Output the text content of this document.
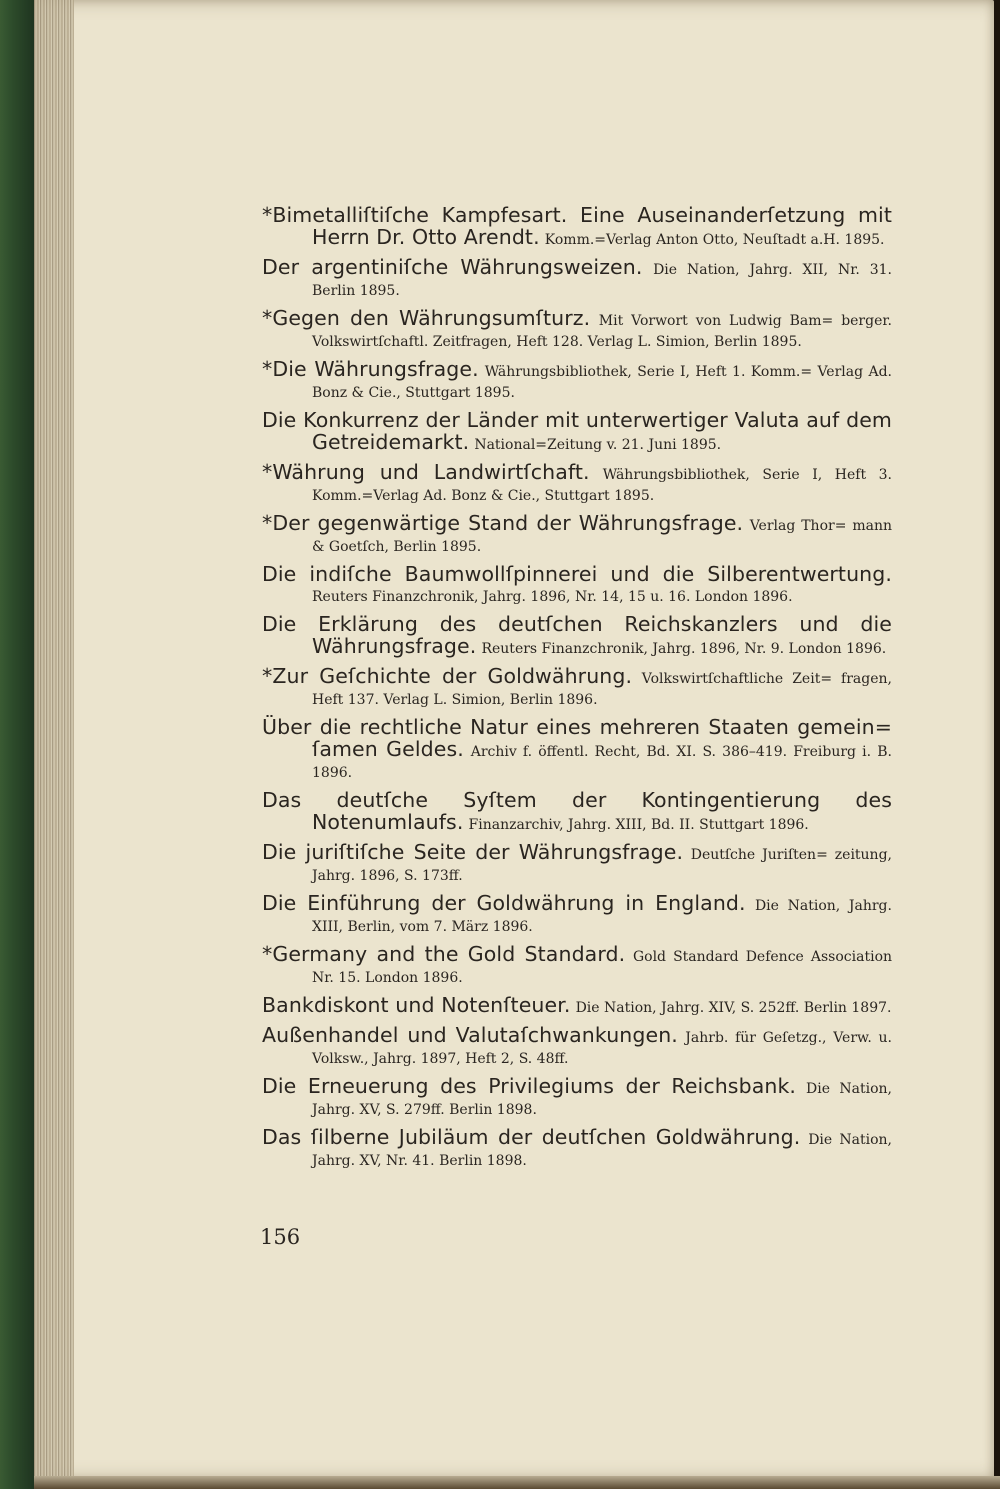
*Bimetalliſtiſche Kampfesart. Eine Auseinanderſetzung mit Herrn Dr. Otto Arendt. Komm.=Verlag Anton Otto, Neuſtadt a.H. 1895.

Der argentiniſche Währungsweizen. Die Nation, Jahrg. XII, Nr. 31. Berlin 1895.

*Gegen den Währungsumſturz. Mit Vorwort von Ludwig Bam= berger. Volkswirtſchaftl. Zeitfragen, Heft 128. Verlag L. Simion, Berlin 1895.

*Die Währungsfrage. Währungsbibliothek, Serie I, Heft 1. Komm.= Verlag Ad. Bonz & Cie., Stuttgart 1895.

Die Konkurrenz der Länder mit unterwertiger Valuta auf dem Getreidemarkt. National=Zeitung v. 21. Juni 1895.

*Währung und Landwirtſchaft. Währungsbibliothek, Serie I, Heft 3. Komm.=Verlag Ad. Bonz & Cie., Stuttgart 1895.

*Der gegenwärtige Stand der Währungsfrage. Verlag Thor= mann & Goetſch, Berlin 1895.

Die indiſche Baumwollſpinnerei und die Silberentwertung. Reuters Finanzchronik, Jahrg. 1896, Nr. 14, 15 u. 16. London 1896.

Die Erklärung des deutſchen Reichskanzlers und die Währungsfrage. Reuters Finanzchronik, Jahrg. 1896, Nr. 9. London 1896.

*Zur Geſchichte der Goldwährung. Volkswirtſchaftliche Zeit= fragen, Heft 137. Verlag L. Simion, Berlin 1896.

Über die rechtliche Natur eines mehreren Staaten gemein= ſamen Geldes. Archiv f. öffentl. Recht, Bd. XI. S. 386–419. Freiburg i. B. 1896.

Das deutſche Syſtem der Kontingentierung des Notenumlaufs. Finanzarchiv, Jahrg. XIII, Bd. II. Stuttgart 1896.

Die juriſtiſche Seite der Währungsfrage. Deutſche Juriſten= zeitung, Jahrg. 1896, S. 173ff.

Die Einführung der Goldwährung in England. Die Nation, Jahrg. XIII, Berlin, vom 7. März 1896.

*Germany and the Gold Standard. Gold Standard Defence Association Nr. 15. London 1896.

Bankdiskont und Notenſteuer. Die Nation, Jahrg. XIV, S. 252ff. Berlin 1897.

Außenhandel und Valutaſchwankungen. Jahrb. für Geſetzg., Verw. u. Volksw., Jahrg. 1897, Heft 2, S. 48ff.

Die Erneuerung des Privilegiums der Reichsbank. Die Nation, Jahrg. XV, S. 279ff. Berlin 1898.

Das ſilberne Jubiläum der deutſchen Goldwährung. Die Nation, Jahrg. XV, Nr. 41. Berlin 1898.

156
